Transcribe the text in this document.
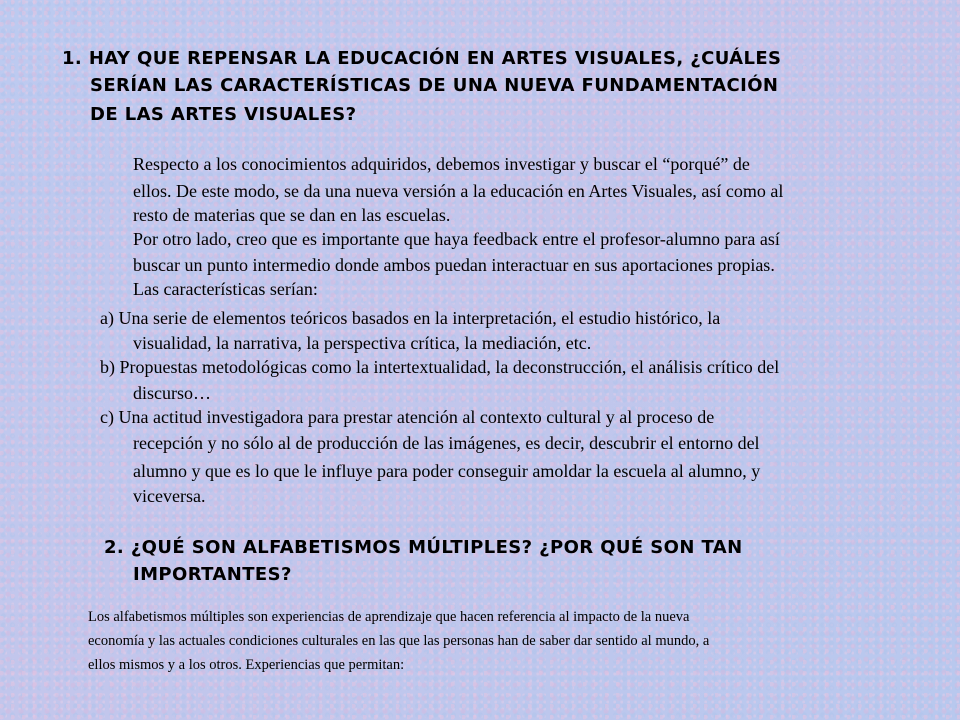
1. HAY QUE REPENSAR LA EDUCACIÓN EN ARTES VISUALES, ¿CUÁLES
SERÍAN LAS CARACTERÍSTICAS DE UNA NUEVA FUNDAMENTACIÓN
DE LAS ARTES VISUALES?
Respecto a los conocimientos adquiridos, debemos investigar y buscar el “porqué” de
ellos. De este modo, se da una nueva versión a la educación en Artes Visuales, así como al
resto de materias que se dan en las escuelas.
Por otro lado, creo que es importante que haya feedback entre el profesor-alumno para así
buscar un punto intermedio donde ambos puedan interactuar en sus aportaciones propias.
Las características serían:
a) Una serie de elementos teóricos basados en la interpretación, el estudio histórico, la
visualidad, la narrativa, la perspectiva crítica, la mediación, etc.
b) Propuestas metodológicas como la intertextualidad, la deconstrucción, el análisis crítico del
discurso…
c) Una actitud investigadora para prestar atención al contexto cultural y al proceso de
recepción y no sólo al de producción de las imágenes, es decir, descubrir el entorno del
alumno y que es lo que le influye para poder conseguir amoldar la escuela al alumno, y
viceversa.
2. ¿QUÉ SON ALFABETISMOS MÚLTIPLES? ¿POR QUÉ SON TAN
IMPORTANTES?
Los alfabetismos múltiples son experiencias de aprendizaje que hacen referencia al impacto de la nueva
economía y las actuales condiciones culturales en las que las personas han de saber dar sentido al mundo, a
ellos mismos y a los otros. Experiencias que permitan:
